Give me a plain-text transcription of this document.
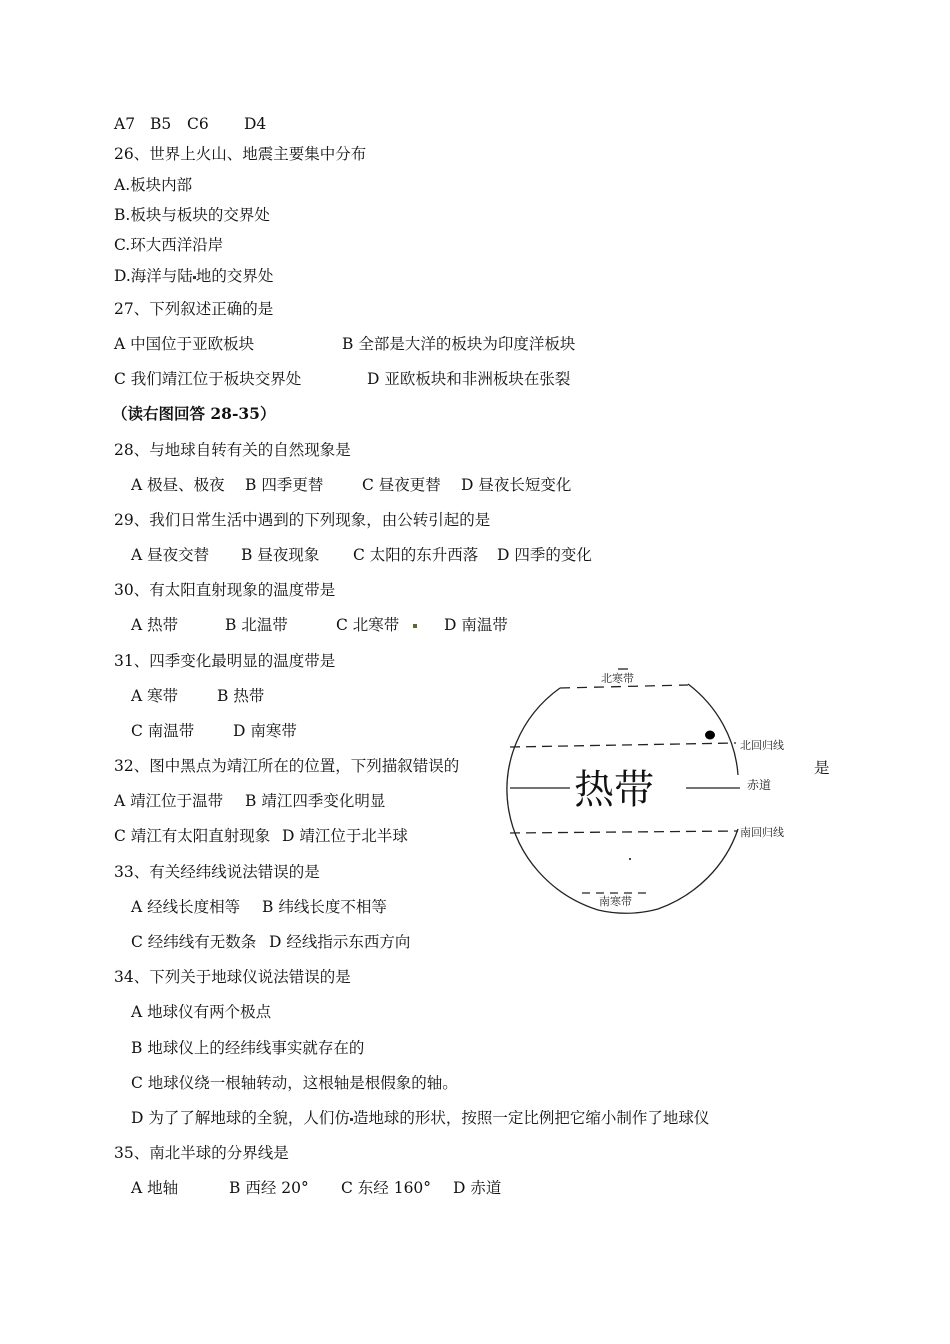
A7 B5 C6 D4
26、世界上火山、地震主要集中分布
A.板块内部
B.板块与板块的交界处
C.环大西洋沿岸
D.海洋与陆 地的交界处
27、下列叙述正确的是
A 中国位于亚欧板块	B 全部是大洋的板块为印度洋板块
C 我们靖江位于板块交界处	D 亚欧板块和非洲板块在张裂
（读右图回答 28-35）
28、与地球自转有关的自然现象是
A 极昼、极夜 B 四季更替 C 昼夜更替 D 昼夜长短变化
29、我们日常生活中遇到的下列现象，由公转引起的是
A 昼夜交替 B 昼夜现象 C 太阳的东升西落 D 四季的变化
30、有太阳直射现象的温度带是
A 热带	B 北温带	C 北寒带	D 南温带
31、四季变化最明显的温度带是
A 寒带	B 热带
C 南温带 D 南寒带
32、图中黑点为靖江所在的位置，下列描叙错误的	是
A 靖江位于温带 B 靖江四季变化明显
C 靖江有太阳直射现象 D 靖江位于北半球
33、有关经纬线说法错误的是
A 经线长度相等 B 纬线长度不相等
C 经纬线有无数条 D 经线指示东西方向
34、下列关于地球仪说法错误的是
A 地球仪有两个极点
B 地球仪上的经纬线事实就存在的
C 地球仪绕一根轴转动，这根轴是根假象的轴。
D 为了了解地球的全貌，人们仿 造地球的形状，按照一定比例把它缩小制作了地球仪
35、南北半球的分界线是
A 地轴	B 西经 20° C 东经 160° D 赤道
北寒带
北回归线
热带	赤道
南回归线
南寒带
